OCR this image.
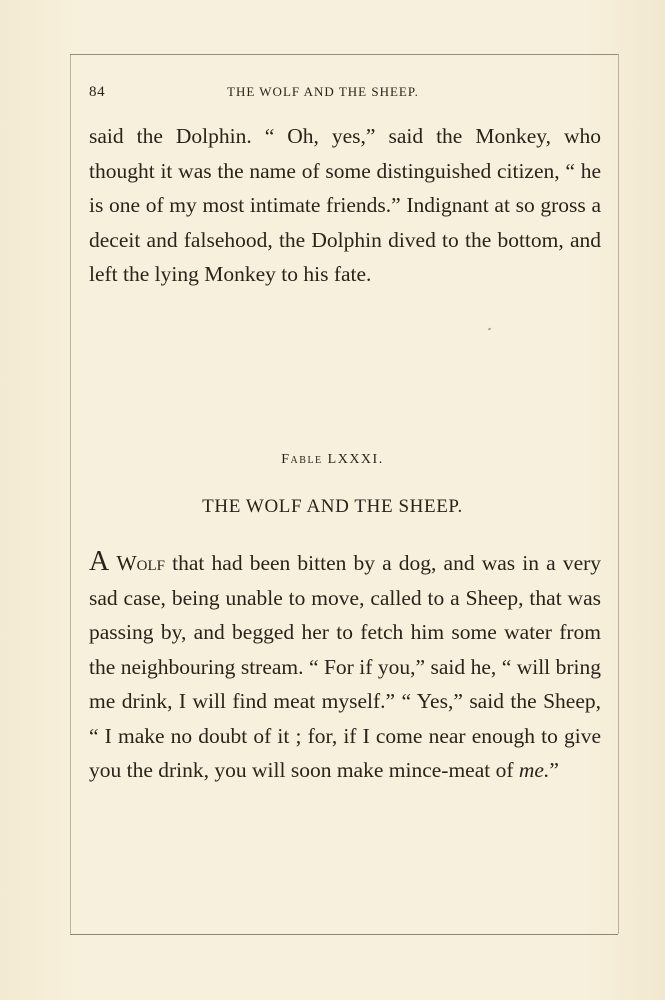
84	THE WOLF AND THE SHEEP.
said the Dolphin. “ Oh, yes,” said the Monkey, who thought it was the name of some distinguished citizen, “ he is one of my most intimate friends.” Indignant at so gross a deceit and falsehood, the Dolphin dived to the bottom, and left the lying Monkey to his fate.
Fable LXXXI.
THE WOLF AND THE SHEEP.
A Wolf that had been bitten by a dog, and was in a very sad case, being unable to move, called to a Sheep, that was passing by, and begged her to fetch him some water from the neighbouring stream. “ For if you,” said he, “ will bring me drink, I will find meat myself.” “ Yes,” said the Sheep, “ I make no doubt of it ; for, if I come near enough to give you the drink, you will soon make mince-meat of me.”
